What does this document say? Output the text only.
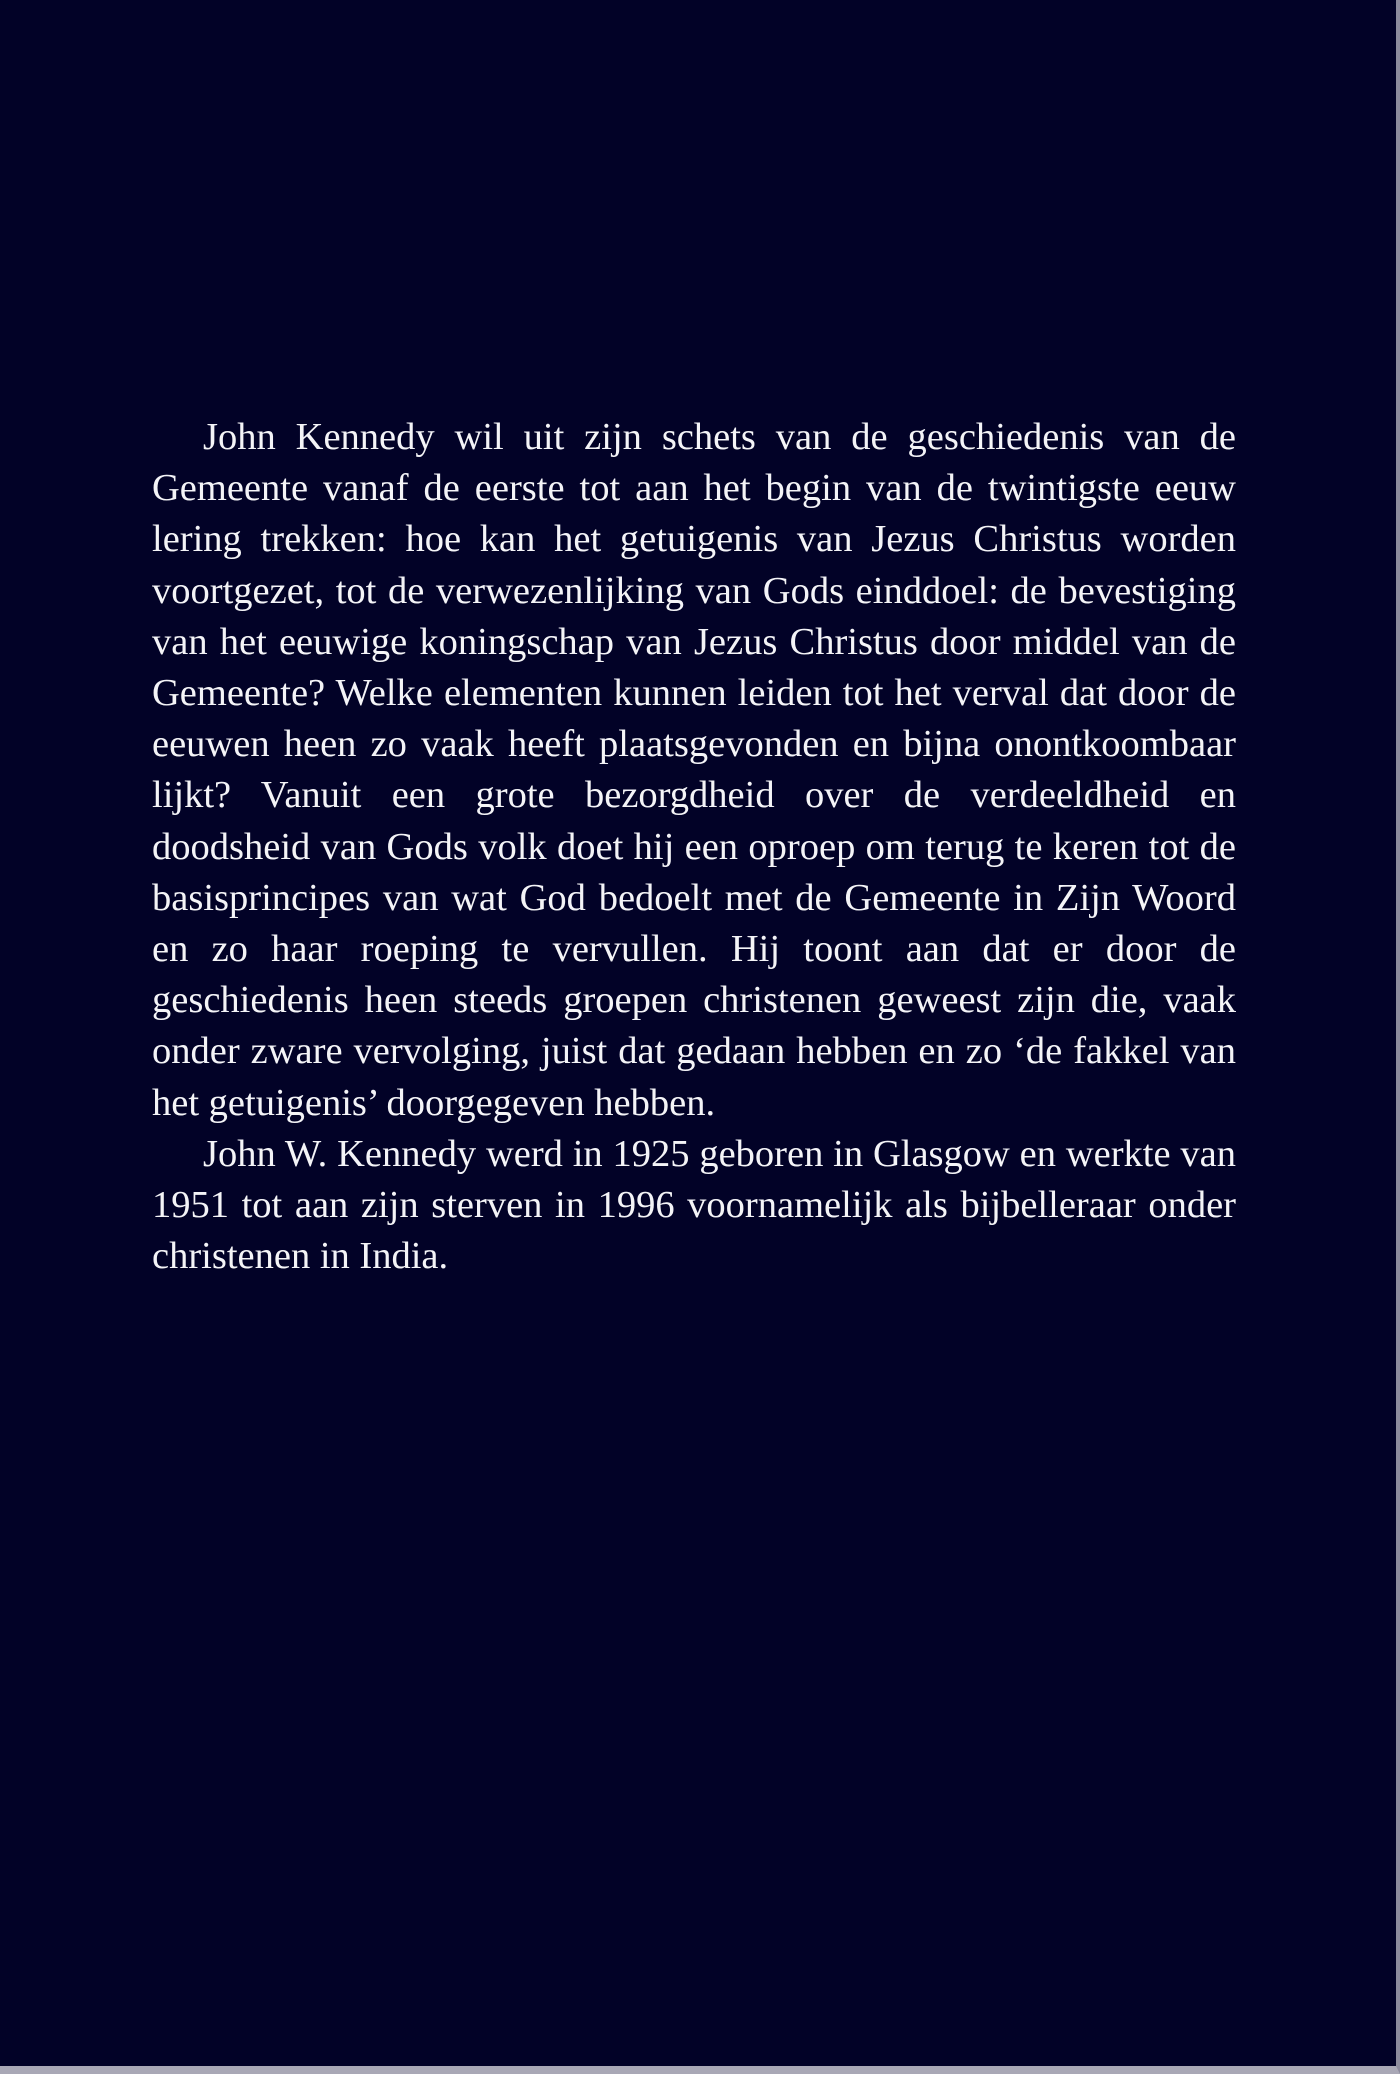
John Kennedy wil uit zijn schets van de geschiedenis van de Gemeente vanaf de eerste tot aan het begin van de twintigste eeuw lering trekken: hoe kan het getuigenis van Jezus Christus worden voortgezet, tot de verwezenlijking van Gods einddoel: de bevestiging van het eeuwige koningschap van Jezus Christus door middel van de Gemeente? Welke elementen kunnen leiden tot het verval dat door de eeuwen heen zo vaak heeft plaatsgevonden en bijna onontkoombaar lijkt? Vanuit een grote bezorgdheid over de verdeeldheid en doodsheid van Gods volk doet hij een oproep om terug te keren tot de basisprincipes van wat God bedoelt met de Gemeente in Zijn Woord en zo haar roeping te vervullen. Hij toont aan dat er door de geschiedenis heen steeds groepen christenen geweest zijn die, vaak onder zware vervolging, juist dat gedaan hebben en zo ‘de fakkel van het getuigenis’ doorgegeven hebben.

John W. Kennedy werd in 1925 geboren in Glasgow en werkte van 1951 tot aan zijn sterven in 1996 voornamelijk als bijbelleraar onder christenen in India.
